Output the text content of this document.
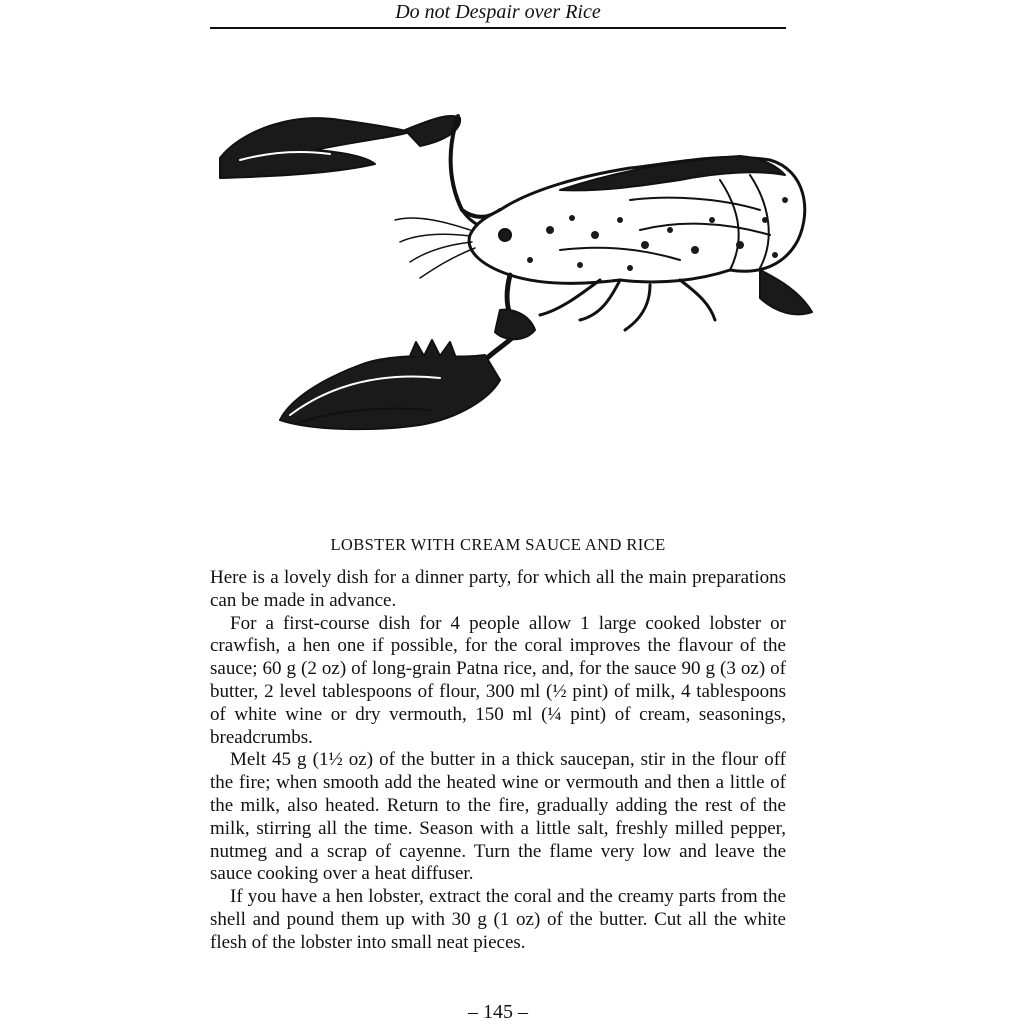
Do not Despair over Rice
LOBSTER WITH CREAM SAUCE AND RICE

Here is a lovely dish for a dinner party, for which all the main preparations can be made in advance.

For a first-course dish for 4 people allow 1 large cooked lobster or crawfish, a hen one if possible, for the coral improves the flavour of the sauce; 60 g (2 oz) of long-grain Patna rice, and, for the sauce 90 g (3 oz) of butter, 2 level tablespoons of flour, 300 ml (½ pint) of milk, 4 tablespoons of white wine or dry vermouth, 150 ml (¼ pint) of cream, seasonings, breadcrumbs.

Melt 45 g (1½ oz) of the butter in a thick saucepan, stir in the flour off the fire; when smooth add the heated wine or vermouth and then a little of the milk, also heated. Return to the fire, gradually adding the rest of the milk, stirring all the time. Season with a little salt, freshly milled pepper, nutmeg and a scrap of cayenne. Turn the flame very low and leave the sauce cooking over a heat diffuser.

If you have a hen lobster, extract the coral and the creamy parts from the shell and pound them up with 30 g (1 oz) of the butter. Cut all the white flesh of the lobster into small neat pieces.

– 145 –
